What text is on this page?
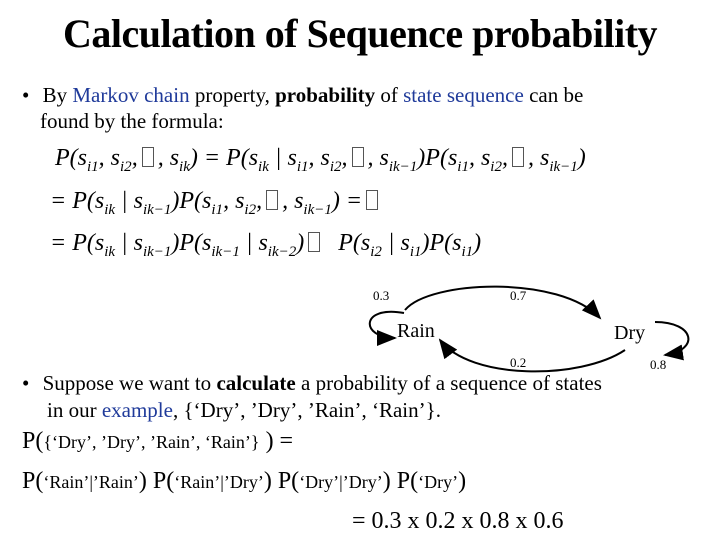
Calculation of Sequence probability
• By Markov chain property, probability of state sequence can be
found by the formula:
$P(s_{i1}$, $s_{i2}$, , $s_{ik}) = P(s_{ik}$ | $s_{i1}$, $s_{i2}$, , $s_{ik-1})P(s_{i1}$, $s_{i2}$, , $s_{ik-1}$)
= $P(s_{ik}$ | $s_{ik-1})P(s_{i1}$, $s_{i2}$, , $s_{ik-1}$) =
= $P(s_{ik}$ | $s_{ik-1})P(s_{ik-1}$ | $s_{ik-2}$) $P(s_{i2}$ | $s_{i1})P(s_{i1})$
Rain	Dry
0.3	0.7
0.2	0.8
• Suppose we want to calculate a probability of a sequence of states
in our example, {‘Dry’, ’Dry’, ’Rain’, ‘Rain’}.
P({‘Dry’, ’Dry’, ’Rain’, ‘Rain’} ) =
P(‘Rain’|’Rain’) P(‘Rain’|’Dry’) P(‘Dry’|’Dry’) P(‘Dry’)
= 0.3 x 0.2 x 0.8 x 0.6
